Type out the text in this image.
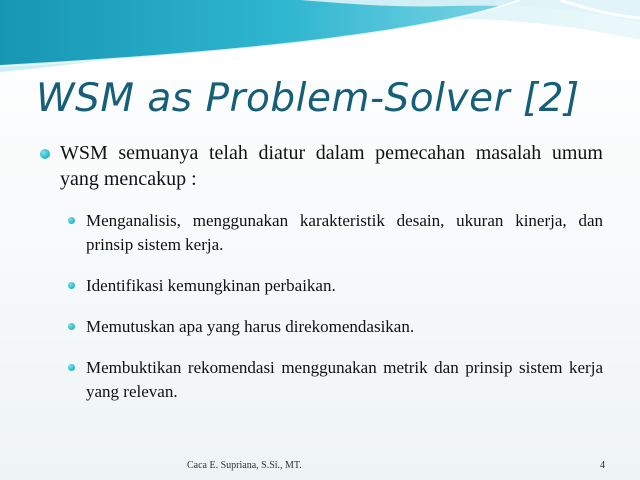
WSM as Problem-Solver [2]

WSM semuanya telah diatur dalam pemecahan masalah umum yang mencakup :

Menganalisis, menggunakan karakteristik desain, ukuran kinerja, dan prinsip sistem kerja.

Identifikasi kemungkinan perbaikan.

Memutuskan apa yang harus direkomendasikan.

Membuktikan rekomendasi menggunakan metrik dan prinsip sistem kerja yang relevan.

Caca E. Supriana, S.Si., MT.	4
